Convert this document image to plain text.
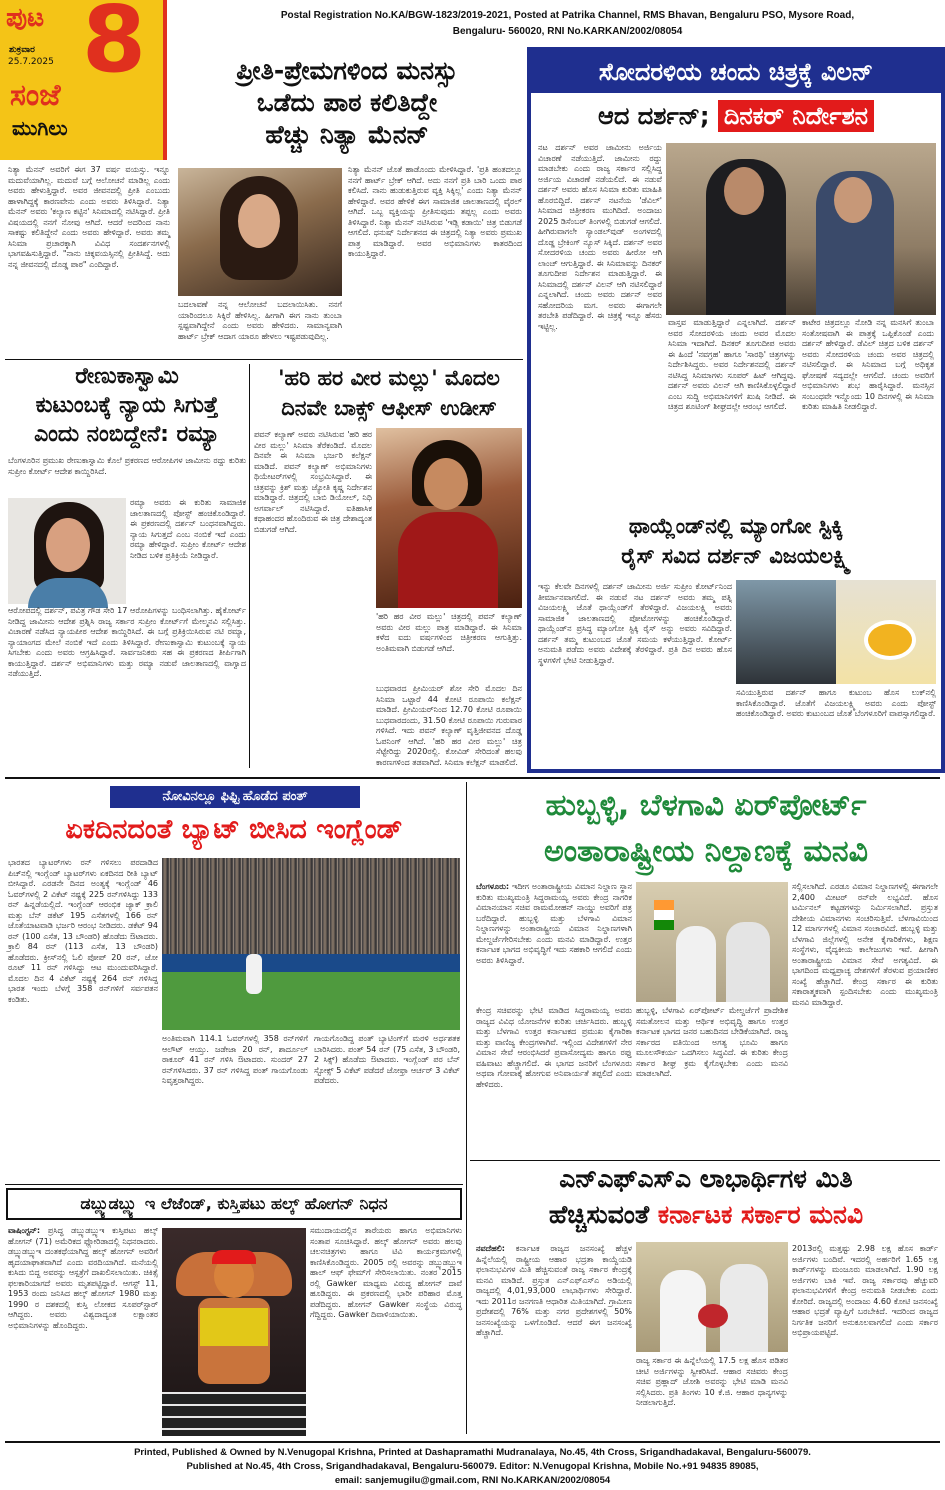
ಪುಟ
ಶುಕ್ರವಾರ
25.7.2025 8
ಸಂಜೆ
ಮುಗಿಲು
Postal Registration No.KA/BGW-1823/2019-2021, Posted at Patrika Channel, RMS Bhavan, Bengaluru PSO, Mysore Road,
Bengaluru- 560020, RNI No.KARKAN/2002/08054
ಪ್ರೀತಿ-ಪ್ರೇಮಗಳಿಂದ ಮನಸ್ಸು
ಒಡೆದು ಪಾಠ ಕಲಿತಿದ್ದೇ
ಹೆಚ್ಚು ನಿತ್ಯಾ ಮೆನನ್
ನಿತ್ಯಾ ಮೆನನ್ ಅವರಿಗೆ ಈಗ 37 ವರ್ಷ ವಯಸ್ಸು. ಇನ್ನೂ ಮದುವೆಯಾಗಿಲ್ಲ. ಮದುವೆ ಬಗ್ಗೆ ಆಲೋಚನೆ ಮಾಡಿಲ್ಲ ಎಂದು ಅವರು ಹೇಳುತ್ತಿದ್ದಾರೆ. ಅವರ ಜೀವನದಲ್ಲಿ ಪ್ರೀತಿ ಎಂಬುದು ಹಾಳಾಗಿದ್ದಕ್ಕೆ ಕಾರಣವೇನು ಎಂದು ಅವರು ತಿಳಿಸಿದ್ದಾರೆ. ನಿತ್ಯಾ ಮೆನನ್ ಅವರು 'ಕಲ್ಯಾಣ ಕಟ್ಟಿನ' ಸಿನಿಮಾದಲ್ಲಿ ನಟಿಸಿದ್ದಾರೆ. ಪ್ರೀತಿ ವಿಷಯದಲ್ಲಿ ನನಗೆ ನೋವು ಆಗಿದೆ. ಆದರೆ ಅದರಿಂದ ನಾನು ಸಾಕಷ್ಟು ಕಲಿತಿದ್ದೇನೆ ಎಂದು ಅವರು ಹೇಳಿದ್ದಾರೆ. ಅವರು ತಮ್ಮ ಸಿನಿಮಾ ಪ್ರಚಾರಕ್ಕಾಗಿ ವಿವಿಧ ಸಂದರ್ಶನಗಳಲ್ಲಿ ಭಾಗವಹಿಸುತ್ತಿದ್ದಾರೆ. "ನಾನು ಚಿಕ್ಕವಯಸ್ಸಿನಲ್ಲಿ ಪ್ರೀತಿಸಿದ್ದೆ. ಅದು ನನ್ನ ಜೀವನದಲ್ಲಿ ದೊಡ್ಡ ಪಾಠ" ಎಂದಿದ್ದಾರೆ.
ನಿತ್ಯಾ ಮೆನನ್ ಜೊತೆ ಹಾಡೊಂದು ಮೇಳಿಸಿದ್ದಾರೆ. 'ಪ್ರತಿ ಹಂತದಲ್ಲೂ ನನಗೆ ಹಾರ್ಟ್ ಬ್ರೇಕ್ ಆಗಿದೆ. ಅದು ನನಗೆ ಪ್ರತಿ ಬಾರಿ ಒಂದು ಪಾಠ ಕಲಿಸಿದೆ. ನಾನು ಹುಡುಕುತ್ತಿರುವ ವ್ಯಕ್ತಿ ಸಿಕ್ಕಿಲ್ಲ' ಎಂದು ನಿತ್ಯಾ ಮೆನನ್ ಹೇಳಿದ್ದಾರೆ. ಅವರ ಹೇಳಿಕೆ ಈಗ ಸಾಮಾಜಿಕ ಜಾಲತಾಣದಲ್ಲಿ ವೈರಲ್ ಆಗಿದೆ. ಒಬ್ಬ ವ್ಯಕ್ತಿಯನ್ನು ಪ್ರೀತಿಸುವುದು ತಪ್ಪಲ್ಲ ಎಂದು ಅವರು ತಿಳಿಸಿದ್ದಾರೆ. ನಿತ್ಯಾ ಮೆನನ್ ನಟಿಸಿರುವ 'ಇಡ್ಲಿ ಕಡಾಯಿ' ಚಿತ್ರ ಬಿಡುಗಡೆ ಆಗಲಿದೆ. ಧನುಷ್ ನಿರ್ದೇಶನದ ಈ ಚಿತ್ರದಲ್ಲಿ ನಿತ್ಯಾ ಅವರು ಪ್ರಮುಖ ಪಾತ್ರ ಮಾಡಿದ್ದಾರೆ. ಅವರ ಅಭಿಮಾನಿಗಳು ಕಾತರದಿಂದ ಕಾಯುತ್ತಿದ್ದಾರೆ.
ಬದಲಾವಣೆ ನನ್ನ ಆಲೋಚನೆ ಬದಲಾಯಿಸಿತು. ನನಗೆ ಯಾರಿಂದಲೂ ಸಿಕ್ಕಿರೆ ಹೇಳಿಸಿಲ್ಲ. ಹೀಗಾಗಿ ಈಗ ನಾನು ತುಂಬಾ ಸ್ಪಷ್ಟವಾಗಿದ್ದೇನೆ ಎಂದು ಅವರು ಹೇಳಿದರು. ಸಾಮಾನ್ಯವಾಗಿ ಹಾರ್ಟ್ ಬ್ರೇಕ್ ಆದಾಗ ಯಾರೂ ಹೇಳಲು ಇಷ್ಟಪಡುವುದಿಲ್ಲ.
ಸೋದರಳಿಯ ಚಂದು ಚಿತ್ರಕ್ಕೆ ವಿಲನ್
ಆದ ದರ್ಶನ್; ದಿನಕರ್ ನಿರ್ದೇಶನ
ನಟ ದರ್ಶನ್ ಅವರ ಜಾಮೀನು ಅರ್ಜಿಯ ವಿಚಾರಣೆ ನಡೆಯುತ್ತಿದೆ. ಜಾಮೀನು ರದ್ದು ಮಾಡಬೇಕು ಎಂದು ರಾಜ್ಯ ಸರ್ಕಾರ ಸಲ್ಲಿಸಿದ್ದ ಅರ್ಜಿಯ ವಿಚಾರಣೆ ನಡೆಯಲಿದೆ. ಈ ನಡುವೆ ದರ್ಶನ್ ಅವರು ಹೊಸ ಸಿನಿಮಾ ಕುರಿತು ಮಾಹಿತಿ ಹೊರಬಿದ್ದಿದೆ. ದರ್ಶನ್ ನಟನೆಯ 'ಡೆವಿಲ್' ಸಿನಿಮಾದ ಚಿತ್ರೀಕರಣ ಮುಗಿದಿದೆ. ಅಂದಾಜು 2025 ಡಿಸೆಂಬರ್ ತಿಂಗಳಲ್ಲಿ ಬಿಡುಗಡೆ ಆಗಲಿದೆ. ಹೀಗಿರುವಾಗಲೇ ಸ್ಯಾಂಡಲ್‌ವುಡ್ ಅಂಗಳದಲ್ಲಿ ದೊಡ್ಡ ಬ್ರೇಕಿಂಗ್ ನ್ಯೂಸ್ ಸಿಕ್ಕಿದೆ. ದರ್ಶನ್ ಅವರ ಸೋದರಳಿಯ ಚಂದು ಅವರು ಹೀರೋ ಆಗಿ ಲಾಂಚ್ ಆಗುತ್ತಿದ್ದಾರೆ. ಈ ಸಿನಿಮಾವನ್ನು ದಿನಕರ್ ತೂಗುದೀಪ ನಿರ್ದೇಶನ ಮಾಡುತ್ತಿದ್ದಾರೆ. ಈ ಸಿನಿಮಾದಲ್ಲಿ ದರ್ಶನ್ ವಿಲನ್ ಆಗಿ ನಟಿಸಲಿದ್ದಾರೆ ಎನ್ನಲಾಗಿದೆ. ಚಂದು ಅವರು ದರ್ಶನ್ ಅವರ ಸಹೋದರಿಯ ಮಗ. ಅವರು ಈಗಾಗಲೇ ತರಬೇತಿ ಪಡೆದಿದ್ದಾರೆ. ಈ ಚಿತ್ರಕ್ಕೆ ಇನ್ನೂ ಹೆಸರು ಇಟ್ಟಿಲ್ಲ.	ವಾಸ್ತವ ಮಾಡುತ್ತಿದ್ದಾರೆ ಎನ್ನಲಾಗಿದೆ. ದರ್ಶನ್ ಅವರ ಸೋದರಳಿಯ ಚಂದು ಅವರ ಮೊದಲ ಸಿನಿಮಾ ಇದಾಗಿದೆ. ದಿನಕರ್ ತೂಗುದೀಪ ಅವರು ಈ ಹಿಂದೆ 'ನವಗ್ರಹ' ಹಾಗೂ 'ಸಾರಥಿ' ಚಿತ್ರಗಳನ್ನು ನಿರ್ದೇಶಿಸಿದ್ದರು. ಅವರ ನಿರ್ದೇಶನದಲ್ಲಿ ದರ್ಶನ್ ನಟಿಸಿದ್ದ ಸಿನಿಮಾಗಳು ಸೂಪರ್ ಹಿಟ್ ಆಗಿದ್ದವು. ದರ್ಶನ್ ಅವರು ವಿಲನ್ ಆಗಿ ಕಾಣಿಸಿಕೊಳ್ಳಲಿದ್ದಾರೆ ಎಂಬ ಸುದ್ದಿ ಅಭಿಮಾನಿಗಳಿಗೆ ಖುಷಿ ನೀಡಿದೆ. ಈ ಚಿತ್ರದ ಶೂಟಿಂಗ್ ಶೀಘ್ರದಲ್ಲೇ ಆರಂಭ ಆಗಲಿದೆ.
ಕಾಟೇರ ಚಿತ್ರದಲ್ಲೂ ನೋಡಿ ನನ್ನ ಮನಸಿಗೆ ತುಂಬಾ ಸಂತೋಷವಾಗಿ ಈ ಪಾತ್ರಕ್ಕೆ ಒಪ್ಪಿಕೊಂಡೆ ಎಂದು ದರ್ಶನ್ ಹೇಳಿದ್ದಾರೆ. ಡೆವಿಲ್ ಚಿತ್ರದ ಬಳಿಕ ದರ್ಶನ್ ಅವರು ಸೋದರಳಿಯ ಚಂದು ಅವರ ಚಿತ್ರದಲ್ಲಿ ನಟಿಸಲಿದ್ದಾರೆ. ಈ ಸಿನಿಮಾದ ಬಗ್ಗೆ ಅಧಿಕೃತ ಘೋಷಣೆ ಸದ್ಯದಲ್ಲೇ ಆಗಲಿದೆ. ಚಂದು ಅವರಿಗೆ ಅಭಿಮಾನಿಗಳು ಶುಭ ಹಾರೈಸಿದ್ದಾರೆ. ಮನಸ್ಸಿನ ಸಂಬಂಧವೇ ಇನ್ನೊಂದು 10 ದಿನಗಳಲ್ಲಿ ಈ ಸಿನಿಮಾ ಕುರಿತು ಮಾಹಿತಿ ನೀಡಲಿದ್ದಾರೆ.
ಥಾಯ್ಲೆಂಡ್‌ನಲ್ಲಿ ಮ್ಯಾಂಗೋ ಸ್ಟಿಕ್ಕಿ
ರೈಸ್ ಸವಿದ ದರ್ಶನ್ ವಿಜಯಲಕ್ಷ್ಮಿ
ಇನ್ನು ಕೆಲವೇ ದಿನಗಳಲ್ಲಿ ದರ್ಶನ್ ಜಾಮೀನು ಅರ್ಜಿ ಸುಪ್ರೀಂ ಕೋರ್ಟ್‌ನಿಂದ ತೀರ್ಮಾನವಾಗಲಿದೆ. ಈ ನಡುವೆ ನಟ ದರ್ಶನ್ ಅವರು ತಮ್ಮ ಪತ್ನಿ ವಿಜಯಲಕ್ಷ್ಮಿ ಜೊತೆ ಥಾಯ್ಲೆಂಡ್‌ಗೆ ತೆರಳಿದ್ದಾರೆ. ವಿಜಯಲಕ್ಷ್ಮಿ ಅವರು ಸಾಮಾಜಿಕ ಜಾಲತಾಣದಲ್ಲಿ ಪೋಟೋಗಳನ್ನು ಹಂಚಿಕೊಂಡಿದ್ದಾರೆ. ಥಾಯ್ಲೆಂಡ್‌ನ ಪ್ರಸಿದ್ಧ ಮ್ಯಾಂಗೋ ಸ್ಟಿಕ್ಕಿ ರೈಸ್ ಅನ್ನು ಅವರು ಸವಿದಿದ್ದಾರೆ. ದರ್ಶನ್ ತಮ್ಮ ಕುಟುಂಬದ ಜೊತೆ ಸಮಯ ಕಳೆಯುತ್ತಿದ್ದಾರೆ. ಕೋರ್ಟ್ ಅನುಮತಿ ಪಡೆದು ಅವರು ವಿದೇಶಕ್ಕೆ ತೆರಳಿದ್ದಾರೆ. ಪ್ರತಿ ದಿನ ಅವರು ಹೊಸ ಸ್ಥಳಗಳಿಗೆ ಭೇಟಿ ನೀಡುತ್ತಿದ್ದಾರೆ.
ಸವಿಯುತ್ತಿರುವ ದರ್ಶನ್ ಹಾಗೂ ಕುಟುಂಬ ಹೊಸ ಲುಕ್‌ನಲ್ಲಿ ಕಾಣಿಸಿಕೊಂಡಿದ್ದಾರೆ. ಜೊತೆಗೆ ವಿಜಯಲಕ್ಷ್ಮಿ ಅವರು ಎಂದು ಪೋಸ್ಟ್ ಹಂಚಿಕೊಂಡಿದ್ದಾರೆ. ಅವರು ಕುಟುಂಬದ ಜೊತೆ ಬೆಂಗಳೂರಿಗೆ ವಾಪಸ್ಸಾಗಲಿದ್ದಾರೆ.
ರೇಣುಕಾಸ್ವಾಮಿ
ಕುಟುಂಬಕ್ಕೆ ನ್ಯಾಯ ಸಿಗುತ್ತೆ
ಎಂದು ನಂಬಿದ್ದೇನೆ: ರಮ್ಯಾ
ಬೆಂಗಳೂರಿನ ಪ್ರಮುಖ ರೇಣುಕಾಸ್ವಾಮಿ ಕೊಲೆ ಪ್ರಕರಣದ ಆರೋಪಿಗಳ ಜಾಮೀನು ರದ್ದು ಕುರಿತು ಸುಪ್ರೀಂ ಕೋರ್ಟ್ ಆದೇಶ ಕಾಯ್ದಿರಿಸಿದೆ.
ರಮ್ಯಾ ಅವರು ಈ ಕುರಿತು ಸಾಮಾಜಿಕ ಜಾಲತಾಣದಲ್ಲಿ ಪೋಸ್ಟ್ ಹಂಚಿಕೊಂಡಿದ್ದಾರೆ. ಈ ಪ್ರಕರಣದಲ್ಲಿ ದರ್ಶನ್ ಬಂಧನವಾಗಿದ್ದರು. ನ್ಯಾಯ ಸಿಗುತ್ತದೆ ಎಂಬ ನಂಬಿಕೆ ಇದೆ ಎಂದು ರಮ್ಯಾ ಹೇಳಿದ್ದಾರೆ. ಸುಪ್ರೀಂ ಕೋರ್ಟ್ ಆದೇಶ ನೀಡಿದ ಬಳಿಕ ಪ್ರತಿಕ್ರಿಯೆ ನೀಡಿದ್ದಾರೆ.
ಆರೋಪದಲ್ಲಿ ದರ್ಶನ್, ಪವಿತ್ರ ಗೌಡ ಸೇರಿ 17 ಆರೋಪಿಗಳನ್ನು ಬಂಧಿಸಲಾಗಿತ್ತು. ಹೈಕೋರ್ಟ್ ನೀಡಿದ್ದ ಜಾಮೀನು ಆದೇಶ ಪ್ರಶ್ನಿಸಿ ರಾಜ್ಯ ಸರ್ಕಾರ ಸುಪ್ರೀಂ ಕೋರ್ಟ್‌ಗೆ ಮೇಲ್ಮನವಿ ಸಲ್ಲಿಸಿತ್ತು. ವಿಚಾರಣೆ ನಡೆಸಿದ ನ್ಯಾಯಪೀಠ ಆದೇಶ ಕಾಯ್ದಿರಿಸಿದೆ. ಈ ಬಗ್ಗೆ ಪ್ರತಿಕ್ರಿಯಿಸಿರುವ ನಟಿ ರಮ್ಯಾ, ನ್ಯಾಯಾಂಗದ ಮೇಲೆ ನಂಬಿಕೆ ಇದೆ ಎಂದು ತಿಳಿಸಿದ್ದಾರೆ. ರೇಣುಕಾಸ್ವಾಮಿ ಕುಟುಂಬಕ್ಕೆ ನ್ಯಾಯ ಸಿಗಬೇಕು ಎಂದು ಅವರು ಆಗ್ರಹಿಸಿದ್ದಾರೆ. ಸಾರ್ವಜನಿಕರು ಸಹ ಈ ಪ್ರಕರಣದ ತೀರ್ಪಿಗಾಗಿ ಕಾಯುತ್ತಿದ್ದಾರೆ. ದರ್ಶನ್ ಅಭಿಮಾನಿಗಳು ಮತ್ತು ರಮ್ಯಾ ನಡುವೆ ಜಾಲತಾಣದಲ್ಲಿ ವಾಗ್ವಾದ ನಡೆಯುತ್ತಿದೆ.
'ಹರಿ ಹರ ವೀರ ಮಲ್ಲು' ಮೊದಲ
ದಿನವೇ ಬಾಕ್ಸ್ ಆಫೀಸ್ ಉಡೀಸ್
ಪವನ್ ಕಲ್ಯಾಣ್ ಅವರು ನಟಿಸಿರುವ 'ಹರಿ ಹರ ವೀರ ಮಲ್ಲು' ಸಿನಿಮಾ ತೆರೆಕಂಡಿದೆ. ಮೊದಲ ದಿನವೇ ಈ ಸಿನಿಮಾ ಭರ್ಜರಿ ಕಲೆಕ್ಷನ್ ಮಾಡಿದೆ. ಪವನ್ ಕಲ್ಯಾಣ್ ಅಭಿಮಾನಿಗಳು ಥಿಯೇಟರ್‌ಗಳಲ್ಲಿ ಸಂಭ್ರಮಿಸಿದ್ದಾರೆ. ಈ ಚಿತ್ರವನ್ನು ಕ್ರಿಶ್ ಮತ್ತು ಜ್ಯೋತಿ ಕೃಷ್ಣ ನಿರ್ದೇಶನ ಮಾಡಿದ್ದಾರೆ. ಚಿತ್ರದಲ್ಲಿ ಬಾಬಿ ಡಿಯೋಲ್, ನಿಧಿ ಅಗರ್ವಾಲ್ ನಟಿಸಿದ್ದಾರೆ. ಐತಿಹಾಸಿಕ ಕಥಾಹಂದರ ಹೊಂದಿರುವ ಈ ಚಿತ್ರ ದೇಶಾದ್ಯಂತ ಬಿಡುಗಡೆ ಆಗಿದೆ.
'ಹರಿ ಹರ ವೀರ ಮಲ್ಲು' ಚಿತ್ರದಲ್ಲಿ ಪವನ್ ಕಲ್ಯಾಣ್ ಅವರು ವೀರ ಮಲ್ಲು ಪಾತ್ರ ಮಾಡಿದ್ದಾರೆ. ಈ ಸಿನಿಮಾ ಕಳೆದ ಐದು ವರ್ಷಗಳಿಂದ ಚಿತ್ರೀಕರಣ ಆಗುತ್ತಿತ್ತು. ಅಂತಿಮವಾಗಿ ಬಿಡುಗಡೆ ಆಗಿದೆ.
ಬುಧವಾರದ ಪ್ರೀಮಿಯರ್ ಶೋ ಸೇರಿ ಮೊದಲ ದಿನ ಸಿನಿಮಾ ಒಟ್ಟಾರೆ 44 ಕೋಟಿ ರೂಪಾಯಿ ಕಲೆಕ್ಷನ್ ಮಾಡಿದೆ. ಪ್ರೀಮಿಯರ್‌ನಿಂದ 12.70 ಕೋಟಿ ರೂಪಾಯಿ ಬುಧವಾರದಂದು, 31.50 ಕೋಟಿ ರೂಪಾಯಿ ಗುರುವಾರ ಗಳಿಸಿದೆ. ಇದು ಪವನ್ ಕಲ್ಯಾಣ್ ವೃತ್ತಿಜೀವನದ ದೊಡ್ಡ ಓಪನಿಂಗ್ ಆಗಿದೆ. 'ಹರಿ ಹರ ವೀರ ಮಲ್ಲು' ಚಿತ್ರ ಸೆಟ್ಟೇರಿದ್ದು 2020ರಲ್ಲಿ. ಕೋವಿಡ್ ಸೇರಿದಂತೆ ಹಲವು ಕಾರಣಗಳಿಂದ ತಡವಾಗಿದೆ. ಸಿನಿಮಾ ಕಲೆಕ್ಷನ್ ಮಾಡಲಿದೆ.
ನೋವಿನಲ್ಲೂ ಫಿಫ್ಟಿ ಹೊಡೆದ ಪಂತ್
ಏಕದಿನದಂತೆ ಬ್ಯಾಟ್ ಬೀಸಿದ ಇಂಗ್ಲೆಂಡ್
ಭಾರತದ ಬ್ಯಾಟರ್‌ಗಳು ರನ್ ಗಳಿಸಲು ಪರದಾಡಿದ ಪಿಚ್‌ನಲ್ಲಿ ಇಂಗ್ಲೆಂಡ್ ಬ್ಯಾಟರ್‌ಗಳು ಏಕದಿನದ ರೀತಿ ಬ್ಯಾಟ್ ಬೀಸಿದ್ದಾರೆ. ಎರಡನೇ ದಿನದ ಅಂತ್ಯಕ್ಕೆ ಇಂಗ್ಲೆಂಡ್ 46 ಓವರ್‌ಗಳಲ್ಲಿ 2 ವಿಕೆಟ್ ನಷ್ಟಕ್ಕೆ 225 ರನ್‌ಗಳಿಸಿದ್ದು 133 ರನ್ ಹಿನ್ನಡೆಯಲ್ಲಿದೆ. ಇಂಗ್ಲೆಂಡ್ ಆರಂಭಿಕ ಜ್ಯಾಕ್ ಕ್ರಾಲಿ ಮತ್ತು ಬೆನ್ ಡಕೆಟ್ 195 ಎಸೆತಗಳಲ್ಲಿ 166 ರನ್ ಜೊತೆಯಾಟವಾಡಿ ಭರ್ಜರಿ ಆರಂಭ ನೀಡಿದರು. ಡಕೆಟ್ 94 ರನ್ (100 ಎಸೆತ, 13 ಬೌಂಡರಿ) ಹೊಡೆದು ಔಟಾದರು. ಕ್ರಾಲಿ 84 ರನ್ (113 ಎಸೆತ, 13 ಬೌಂಡರಿ) ಹೊಡೆದರು. ಕ್ರೀಸ್‌ನಲ್ಲಿ ಓಲಿ ಪೋಪ್ 20 ರನ್, ಜೋ ರೂಟ್ 11 ರನ್ ಗಳಿಸಿದ್ದು ಆಟ ಮುಂದುವರಿಸಿದ್ದಾರೆ. ಮೊದಲ ದಿನ 4 ವಿಕೆಟ್ ನಷ್ಟಕ್ಕೆ 264 ರನ್ ಗಳಿಸಿದ್ದ ಭಾರತ ಇಂದು ಬೆಳಗ್ಗೆ 358 ರನ್‌ಗಳಿಗೆ ಸರ್ವಪತನ ಕಂಡಿತು.
ಅಂತಿಮವಾಗಿ 114.1 ಓವರ್‌ಗಳಲ್ಲಿ 358 ರನ್‌ಗಳಿಗೆ ಆಲೌಟ್ ಆಯ್ತು. ಜಡೇಜಾ 20 ರನ್, ಶಾರ್ದೂಲ್ ಠಾಕೂರ್ 41 ರನ್ ಗಳಿಸಿ ಔಟಾದರು. ಸುಂದರ್ 27 ರನ್‌ಗಳಿಸಿದರು. 37 ರನ್ ಗಳಿಸಿದ್ದ ಪಂತ್ ಗಾಯಗೊಂಡು ನಿವೃತ್ತರಾಗಿದ್ದರು.
ಗಾಯಗೊಂಡಿದ್ದ ಪಂತ್ ಬ್ಯಾಟಿಂಗ್‌ಗೆ ಮರಳಿ ಅರ್ಧಶತಕ ಬಾರಿಸಿದರು. ಪಂತ್ 54 ರನ್ (75 ಎಸೆತ, 3 ಬೌಂಡರಿ, 2 ಸಿಕ್ಸ್) ಹೊಡೆದು ಔಟಾದರು. ಇಂಗ್ಲೆಂಡ್ ಪರ ಬೆನ್ ಸ್ಟೋಕ್ಸ್ 5 ವಿಕೆಟ್ ಪಡೆದರೆ ಜೋಫ್ರಾ ಆರ್ಚರ್ 3 ವಿಕೆಟ್ ಪಡೆದರು.
ಹುಬ್ಬಳ್ಳಿ, ಬೆಳಗಾವಿ ಏರ್‌ಪೋರ್ಟ್
ಅಂತಾರಾಷ್ಟ್ರೀಯ ನಿಲ್ದಾಣಕ್ಕೆ ಮನವಿ
ಬೆಂಗಳೂರು: ಇದೀಗ ಅಂತಾರಾಷ್ಟ್ರೀಯ ವಿಮಾನ ನಿಲ್ದಾಣ ಸ್ಥಾನ ಕುರಿತು ಮುಖ್ಯಮಂತ್ರಿ ಸಿದ್ದರಾಮಯ್ಯ ಅವರು ಕೇಂದ್ರ ನಾಗರಿಕ ವಿಮಾನಯಾನ ಸಚಿವ ರಾಮಮೋಹನ್ ನಾಯ್ಡು ಅವರಿಗೆ ಪತ್ರ ಬರೆದಿದ್ದಾರೆ. ಹುಬ್ಬಳ್ಳಿ ಮತ್ತು ಬೆಳಗಾವಿ ವಿಮಾನ ನಿಲ್ದಾಣಗಳನ್ನು ಅಂತಾರಾಷ್ಟ್ರೀಯ ವಿಮಾನ ನಿಲ್ದಾಣಗಳಾಗಿ ಮೇಲ್ದರ್ಜೆಗೇರಿಸಬೇಕು ಎಂದು ಮನವಿ ಮಾಡಿದ್ದಾರೆ. ಉತ್ತರ ಕರ್ನಾಟಕ ಭಾಗದ ಅಭಿವೃದ್ಧಿಗೆ ಇದು ಸಹಕಾರಿ ಆಗಲಿದೆ ಎಂದು ಅವರು ತಿಳಿಸಿದ್ದಾರೆ.
ಕೇಂದ್ರ ಸಚಿವರನ್ನು ಭೇಟಿ ಮಾಡಿದ ಸಿದ್ದರಾಮಯ್ಯ ಅವರು ರಾಜ್ಯದ ವಿವಿಧ ಯೋಜನೆಗಳ ಕುರಿತು ಚರ್ಚಿಸಿದರು. ಹುಬ್ಬಳ್ಳಿ ಮತ್ತು ಬೆಳಗಾವಿ ಉತ್ತರ ಕರ್ನಾಟಕದ ಪ್ರಮುಖ ಕೈಗಾರಿಕಾ ಮತ್ತು ವಾಣಿಜ್ಯ ಕೇಂದ್ರಗಳಾಗಿವೆ. ಇಲ್ಲಿಂದ ವಿದೇಶಗಳಿಗೆ ನೇರ ವಿಮಾನ ಸೇವೆ ಆರಂಭಿಸಿದರೆ ಪ್ರವಾಸೋದ್ಯಮ ಹಾಗೂ ರಫ್ತು ವಹಿವಾಟು ಹೆಚ್ಚಾಗಲಿದೆ. ಈ ಭಾಗದ ಜನರಿಗೆ ಬೆಂಗಳೂರು ಅಥವಾ ಗೋವಾಕ್ಕೆ ಹೋಗುವ ಅನಿವಾರ್ಯತೆ ತಪ್ಪಲಿದೆ ಎಂದು ಹೇಳಿದರು.
ಹುಬ್ಬಳ್ಳಿ, ಬೆಳಗಾವಿ ಏರ್‌ಪೋರ್ಟ್ ಮೇಲ್ದರ್ಜೆಗೆ ಪ್ರಾದೇಶಿಕ ಸಮತೋಲನ ಮತ್ತು ಆರ್ಥಿಕ ಅಭಿವೃದ್ಧಿ ಹಾಗೂ ಉತ್ತರ ಕರ್ನಾಟಕ ಭಾಗದ ಜನರ ಬಹುದಿನದ ಬೇಡಿಕೆಯಾಗಿದೆ. ರಾಜ್ಯ ಸರ್ಕಾರದ ವತಿಯಿಂದ ಅಗತ್ಯ ಭೂಮಿ ಹಾಗೂ ಮೂಲಸೌಕರ್ಯ ಒದಗಿಸಲು ಸಿದ್ಧವಿದೆ. ಈ ಕುರಿತು ಕೇಂದ್ರ ಸರ್ಕಾರ ಶೀಘ್ರ ಕ್ರಮ ಕೈಗೊಳ್ಳಬೇಕು ಎಂದು ಮನವಿ ಮಾಡಲಾಗಿದೆ.
ಸಲ್ಲಿಸಲಾಗಿದೆ. ಎರಡೂ ವಿಮಾನ ನಿಲ್ದಾಣಗಳಲ್ಲಿ ಈಗಾಗಲೇ 2,400 ಮೀಟರ್ ರನ್‌ವೇ ಲಭ್ಯವಿದೆ. ಹೊಸ ಟರ್ಮಿನಲ್ ಕಟ್ಟಡಗಳನ್ನು ನಿರ್ಮಿಸಲಾಗಿದೆ. ಪ್ರಸ್ತುತ ದೇಶೀಯ ವಿಮಾನಗಳು ಸಂಚರಿಸುತ್ತಿವೆ. ಬೆಳಗಾವಿಯಿಂದ 12 ಮಾರ್ಗಗಳಲ್ಲಿ ವಿಮಾನ ಸಂಚಾರವಿದೆ. ಹುಬ್ಬಳ್ಳಿ ಮತ್ತು ಬೆಳಗಾವಿ ಜಿಲ್ಲೆಗಳಲ್ಲಿ ಅನೇಕ ಕೈಗಾರಿಕೆಗಳು, ಶಿಕ್ಷಣ ಸಂಸ್ಥೆಗಳು, ವೈದ್ಯಕೀಯ ಕಾಲೇಜುಗಳು ಇವೆ. ಹೀಗಾಗಿ ಅಂತಾರಾಷ್ಟ್ರೀಯ ವಿಮಾನ ಸೇವೆ ಅಗತ್ಯವಿದೆ. ಈ ಭಾಗದಿಂದ ಮಧ್ಯಪ್ರಾಚ್ಯ ದೇಶಗಳಿಗೆ ತೆರಳುವ ಪ್ರಯಾಣಿಕರ ಸಂಖ್ಯೆ ಹೆಚ್ಚಾಗಿದೆ. ಕೇಂದ್ರ ಸರ್ಕಾರ ಈ ಕುರಿತು ಸಕಾರಾತ್ಮಕವಾಗಿ ಸ್ಪಂದಿಸಬೇಕು ಎಂದು ಮುಖ್ಯಮಂತ್ರಿ ಮನವಿ ಮಾಡಿದ್ದಾರೆ.
ಡಬ್ಲ್ಯುಡಬ್ಲ್ಯು ಇ ಲೆಜೆಂಡ್, ಕುಸ್ತಿಪಟು ಹಲ್ಕ್ ಹೋಗನ್ ನಿಧನ
ವಾಷಿಂಗ್ಟನ್: ಪ್ರಸಿದ್ಧ ಡಬ್ಲ್ಯುಡಬ್ಲ್ಯುಇ ಕುಸ್ತಿಪಟು ಹಲ್ಕ್ ಹೋಗನ್ (71) ಅಮೆರಿಕದ ಫ್ಲೋರಿಡಾದಲ್ಲಿ ನಿಧನರಾದರು. ಡಬ್ಲ್ಯುಡಬ್ಲ್ಯುಇ ದಂತಕಥೆಯಾಗಿದ್ದ ಹಲ್ಕ್ ಹೋಗನ್ ಅವರಿಗೆ ಹೃದಯಾಘಾತವಾಗಿದೆ ಎಂದು ವರದಿಯಾಗಿದೆ. ಮನೆಯಲ್ಲಿ ಕುಸಿದು ಬಿದ್ದ ಅವರನ್ನು ಆಸ್ಪತ್ರೆಗೆ ದಾಖಲಿಸಲಾಯಿತು. ಚಿಕಿತ್ಸೆ ಫಲಕಾರಿಯಾಗದೆ ಅವರು ಮೃತಪಟ್ಟಿದ್ದಾರೆ. ಆಗಸ್ಟ್ 11, 1953 ರಂದು ಜನಿಸಿದ ಹಲ್ಕ್ ಹೋಗನ್ 1980 ಮತ್ತು 1990 ರ ದಶಕದಲ್ಲಿ ಕುಸ್ತಿ ಲೋಕದ ಸೂಪರ್‌ಸ್ಟಾರ್ ಆಗಿದ್ದರು. ಅವರು ವಿಶ್ವದಾದ್ಯಂತ ಲಕ್ಷಾಂತರ ಅಭಿಮಾನಿಗಳನ್ನು ಹೊಂದಿದ್ದರು.
ಸಮುದಾಯದಲ್ಲಿನ ತಾರೆಯರು ಹಾಗೂ ಅಭಿಮಾನಿಗಳು ಸಂತಾಪ ಸೂಚಿಸಿದ್ದಾರೆ. ಹಲ್ಕ್ ಹೋಗನ್ ಅವರು ಹಲವು ಚಲನಚಿತ್ರಗಳು ಹಾಗೂ ಟಿವಿ ಕಾರ್ಯಕ್ರಮಗಳಲ್ಲಿ ಕಾಣಿಸಿಕೊಂಡಿದ್ದರು. 2005 ರಲ್ಲಿ ಅವರನ್ನು ಡಬ್ಲ್ಯುಡಬ್ಲ್ಯುಇ ಹಾಲ್ ಆಫ್ ಫೇಮ್‌ಗೆ ಸೇರಿಸಲಾಯಿತು. ನಂತರ 2015 ರಲ್ಲಿ Gawker ಮಾಧ್ಯಮ ವಿರುದ್ಧ ಹೋಗನ್ ದಾವೆ ಹೂಡಿದ್ದರು. ಈ ಪ್ರಕರಣದಲ್ಲಿ ಭಾರೀ ಪರಿಹಾರ ಮೊತ್ತ ಪಡೆದಿದ್ದರು. ಹೋಗನ್ Gawker ಸಂಸ್ಥೆಯ ವಿರುದ್ಧ ಗೆದ್ದಿದ್ದರು. Gawker ದಿವಾಳಿಯಾಯಿತು.
ಎನ್‌ಎಫ್‌ಎಸ್‌ಎ ಲಾಭಾರ್ಥಿಗಳ ಮಿತಿ
ಹೆಚ್ಚಿಸುವಂತೆ ಕರ್ನಾಟಕ ಸರ್ಕಾರ ಮನವಿ
ನವದೆಹಲಿ: ಕರ್ನಾಟಕ ರಾಜ್ಯದ ಜನಸಂಖ್ಯೆ ಹೆಚ್ಚಳ ಹಿನ್ನೆಲೆಯಲ್ಲಿ ರಾಷ್ಟ್ರೀಯ ಆಹಾರ ಭದ್ರತಾ ಕಾಯ್ದೆಯಡಿ ಫಲಾನುಭವಿಗಳ ಮಿತಿ ಹೆಚ್ಚಿಸುವಂತೆ ರಾಜ್ಯ ಸರ್ಕಾರ ಕೇಂದ್ರಕ್ಕೆ ಮನವಿ ಮಾಡಿದೆ. ಪ್ರಸ್ತುತ ಎನ್‌ಎಫ್‌ಎಸ್‌ಎ ಅಡಿಯಲ್ಲಿ ರಾಜ್ಯದಲ್ಲಿ 4,01,93,000 ಲಾಭಾರ್ಥಿಗಳು ಸೇರಿದ್ದಾರೆ. ಇದು 2011ರ ಜನಗಣತಿ ಆಧಾರಿತ ಮಿತಿಯಾಗಿದೆ. ಗ್ರಾಮೀಣ ಪ್ರದೇಶದಲ್ಲಿ 76% ಮತ್ತು ನಗರ ಪ್ರದೇಶಗಳಲ್ಲಿ 50% ಜನಸಂಖ್ಯೆಯನ್ನು ಒಳಗೊಂಡಿದೆ. ಆದರೆ ಈಗ ಜನಸಂಖ್ಯೆ ಹೆಚ್ಚಾಗಿದೆ.
ರಾಜ್ಯ ಸರ್ಕಾರ ಈ ಹಿನ್ನೆಲೆಯಲ್ಲಿ 17.5 ಲಕ್ಷ ಹೊಸ ಪಡಿತರ ಚೀಟಿ ಅರ್ಜಿಗಳನ್ನು ಸ್ವೀಕರಿಸಿದೆ. ಆಹಾರ ಸಚಿವರು ಕೇಂದ್ರ ಸಚಿವ ಪ್ರಹ್ಲಾದ್ ಜೋಶಿ ಅವರನ್ನು ಭೇಟಿ ಮಾಡಿ ಮನವಿ ಸಲ್ಲಿಸಿದರು. ಪ್ರತಿ ತಿಂಗಳು 10 ಕೆ.ಜಿ. ಆಹಾರ ಧಾನ್ಯಗಳನ್ನು ನೀಡಲಾಗುತ್ತಿದೆ.
2013ರಲ್ಲಿ ಮತ್ತಷ್ಟು 2.98 ಲಕ್ಷ ಹೊಸ ಕಾರ್ಡ್ ಅರ್ಜಿಗಳು ಬಂದಿವೆ. ಇದರಲ್ಲಿ ಅರ್ಹರಿಗೆ 1.65 ಲಕ್ಷ ಕಾರ್ಡ್‌ಗಳನ್ನು ಮಂಜೂರು ಮಾಡಲಾಗಿದೆ. 1.90 ಲಕ್ಷ ಅರ್ಜಿಗಳು ಬಾಕಿ ಇವೆ. ರಾಜ್ಯ ಸರ್ಕಾರವು ಹೆಚ್ಚುವರಿ ಫಲಾನುಭವಿಗಳಿಗೆ ಕೇಂದ್ರ ಅನುಮತಿ ನೀಡಬೇಕು ಎಂದು ಕೋರಿದೆ. ರಾಜ್ಯದಲ್ಲಿ ಅಂದಾಜು 4.60 ಕೋಟಿ ಜನಸಂಖ್ಯೆ ಆಹಾರ ಭದ್ರತೆ ವ್ಯಾಪ್ತಿಗೆ ಬರಬೇಕಿದೆ. ಇದರಿಂದ ರಾಜ್ಯದ ನಿರ್ಗತಿಕ ಜನರಿಗೆ ಅನುಕೂಲವಾಗಲಿದೆ ಎಂದು ಸರ್ಕಾರ ಅಭಿಪ್ರಾಯಪಟ್ಟಿದೆ.
Printed, Published & Owned by N.Venugopal Krishna, Printed at Dashapramathi Mudranalaya, No.45, 4th Cross, Srigandhadakaval, Bengaluru-560079.
Published at No.45, 4th Cross, Srigandhadakaval, Bengaluru-560079. Editor: N.Venugopal Krishna, Mobile No.+91 94835 89085,
email: sanjemugilu@gmail.com, RNI No.KARKAN/2002/08054
